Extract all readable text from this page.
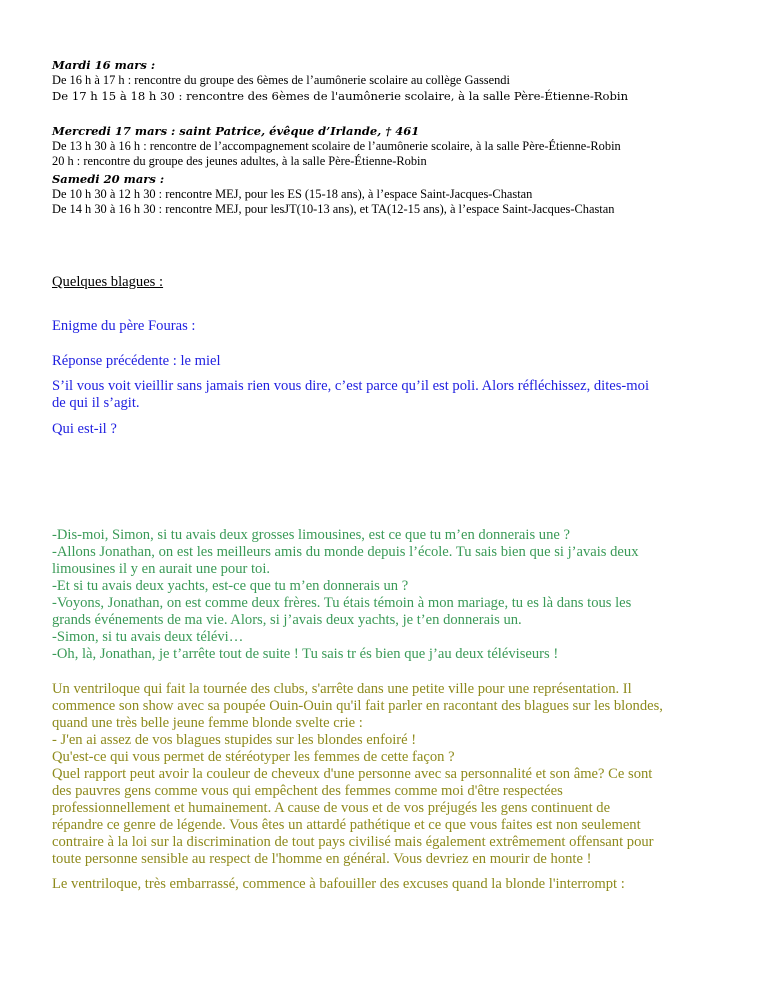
Mardi 16 mars :
De 16 h à 17 h : rencontre du groupe des 6èmes de l’aumônerie scolaire au collège Gassendi
De 17 h 15 à 18 h 30 : rencontre des 6èmes de l'aumônerie scolaire, à la salle Père-Étienne-Robin
Mercredi 17 mars : saint Patrice, évêque d’Irlande, † 461
De 13 h 30 à 16 h : rencontre de l’accompagnement scolaire de l’aumônerie scolaire, à la salle Père-Étienne-Robin
20 h : rencontre du groupe des jeunes adultes, à la salle Père-Étienne-Robin
Samedi 20 mars :
De 10 h 30 à 12 h 30 : rencontre MEJ, pour les ES (15-18 ans), à l’espace Saint-Jacques-Chastan
De 14 h 30 à 16 h 30 : rencontre MEJ, pour lesJT(10-13 ans), et TA(12-15 ans), à l’espace Saint-Jacques-Chastan
Quelques blagues :
Enigme du père Fouras :
Réponse précédente : le miel
S’il vous voit vieillir sans jamais rien vous dire, c’est parce qu’il est poli. Alors réfléchissez, dites-moi
de qui il s’agit.
Qui est-il ?
-Dis-moi, Simon, si tu avais deux grosses limousines, est ce que tu m’en donnerais une ?
-Allons Jonathan, on est les meilleurs amis du monde depuis l’école. Tu sais bien que si j’avais deux
limousines il y en aurait une pour toi.
-Et si tu avais deux yachts, est-ce que tu m’en donnerais un ?
-Voyons, Jonathan, on est comme deux frères. Tu étais témoin à mon mariage, tu es là dans tous les
grands événements de ma vie. Alors, si j’avais deux yachts, je t’en donnerais un.
-Simon, si tu avais deux télévi…
-Oh, là, Jonathan, je t’arrête tout de suite ! Tu sais tr és bien que j’au deux téléviseurs !
Un ventriloque qui fait la tournée des clubs, s'arrête dans une petite ville pour une représentation. Il
commence son show avec sa poupée Ouin-Ouin qu'il fait parler en racontant des blagues sur les blondes,
quand une très belle jeune femme blonde svelte crie :
- J'en ai assez de vos blagues stupides sur les blondes enfoiré !
Qu'est-ce qui vous permet de stéréotyper les femmes de cette façon ?
Quel rapport peut avoir la couleur de cheveux d'une personne avec sa personnalité et son âme? Ce sont
des pauvres gens comme vous qui empêchent des femmes comme moi d'être respectées
professionnellement et humainement. A cause de vous et de vos préjugés les gens continuent de
répandre ce genre de légende. Vous êtes un attardé pathétique et ce que vous faites est non seulement
contraire à la loi sur la discrimination de tout pays civilisé mais également extrêmement offensant pour
toute personne sensible au respect de l'homme en général. Vous devriez en mourir de honte !
Le ventriloque, très embarrassé, commence à bafouiller des excuses quand la blonde l'interrompt :
